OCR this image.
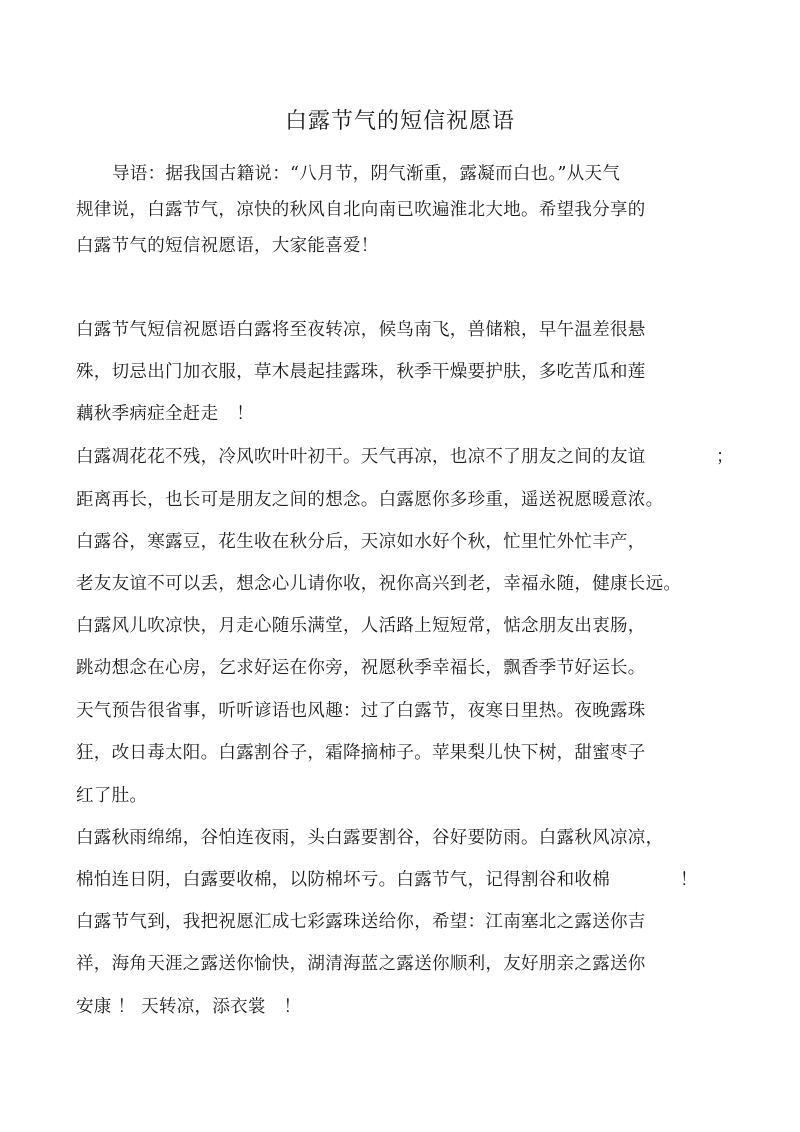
白露节气的短信祝愿语
导语：据我国古籍说：“八月节，阴气渐重，露凝而白也。”从天气
规律说，白露节气，凉快的秋风自北向南已吹遍淮北大地。希望我分享的
白露节气的短信祝愿语，大家能喜爱！
白露节气短信祝愿语白露将至夜转凉，候鸟南飞，兽储粮，早午温差很悬
殊，切忌出门加衣服，草木晨起挂露珠，秋季干燥要护肤，多吃苦瓜和莲
藕秋季病症全赶走　！
白露凋花花不残，冷风吹叶叶初干。天气再凉，也凉不了朋友之间的友谊	；
距离再长，也长可是朋友之间的想念。白露愿你多珍重，遥送祝愿暖意浓。
白露谷，寒露豆，花生收在秋分后，天凉如水好个秋，忙里忙外忙丰产，
老友友谊不可以丢，想念心儿请你收，祝你高兴到老，幸福永随，健康长远。
白露风儿吹凉快，月走心随乐满堂，人活路上短短常，惦念朋友出衷肠，
跳动想念在心房，乞求好运在你旁，祝愿秋季幸福长，飘香季节好运长。
天气预告很省事，听听谚语也风趣：过了白露节，夜寒日里热。夜晚露珠
狂，改日毒太阳。白露割谷子，霜降摘柿子。苹果梨儿快下树，甜蜜枣子
红了肚。
白露秋雨绵绵，谷怕连夜雨，头白露要割谷，谷好要防雨。白露秋风凉凉，
棉怕连日阴，白露要收棉，以防棉坏亏。白露节气，记得割谷和收棉	！
白露节气到，我把祝愿汇成七彩露珠送给你，希望：江南塞北之露送你吉
祥，海角天涯之露送你愉快，湖清海蓝之露送你顺利，友好朋亲之露送你
安康 ！ 天转凉，添衣裳　！
